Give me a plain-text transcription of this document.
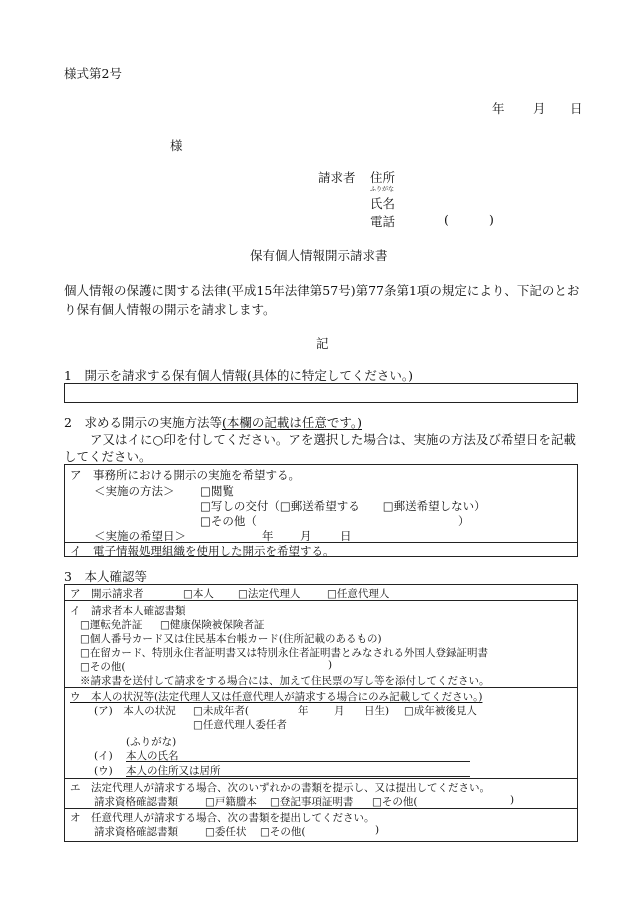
様式第2号
年 月 日
様
請求者 住所
ふりがな
氏名
電話	(	)
保有個人情報開示請求書
個人情報の保護に関する法律(平成15年法律第57号)第77条第1項の規定により、下記のとおり保有個人情報の開示を請求します。
記
1　 開示を請求する保有個人情報(具体的に特定してください。)
2　 求める開示の実施方法等(本欄の記載は任意です。)
ア又はイに○印を付してください。アを選択した場合は、実施の方法及び希望日を記載してください。
ア　事務所における開示の実施を希望する。
＜実施の方法＞ □閲覧
□写しの交付（□郵送希望する　　□郵送希望しない）
□その他（	）
＜実施の希望日＞	年 月 日
イ　電子情報処理組織を使用した開示を希望する。
3　 本人確認等
ア　開示請求者	□本人 □法定代理人	□任意代理人
イ　請求者本人確認書類
□運転免許証 □健康保険被保険者証
□個人番号カード又は住民基本台帳カード(住所記載のあるもの)
□在留カード、特別永住者証明書又は特別永住者証明書とみなされる外国人登録証明書
□その他(	)
※請求書を送付して請求をする場合には、加えて住民票の写し等を添付してください。
ウ　本人の状況等(法定代理人又は任意代理人が請求する場合にのみ記載してください。)
(ア)　本人の状況 □未成年者(	年 月 日生) □成年被後見人
□任意代理人委任者
(ふりがな)
(イ) 本人の氏名
(ウ) 本人の住所又は居所
エ　法定代理人が請求する場合、次のいずれかの書類を提示し、又は提出してください。
請求資格確認書類	□戸籍謄本 □登記事項証明書 □その他(	)
オ　任意代理人が請求する場合、次の書類を提出してください。
請求資格確認書類	□委任状 □その他(	)
